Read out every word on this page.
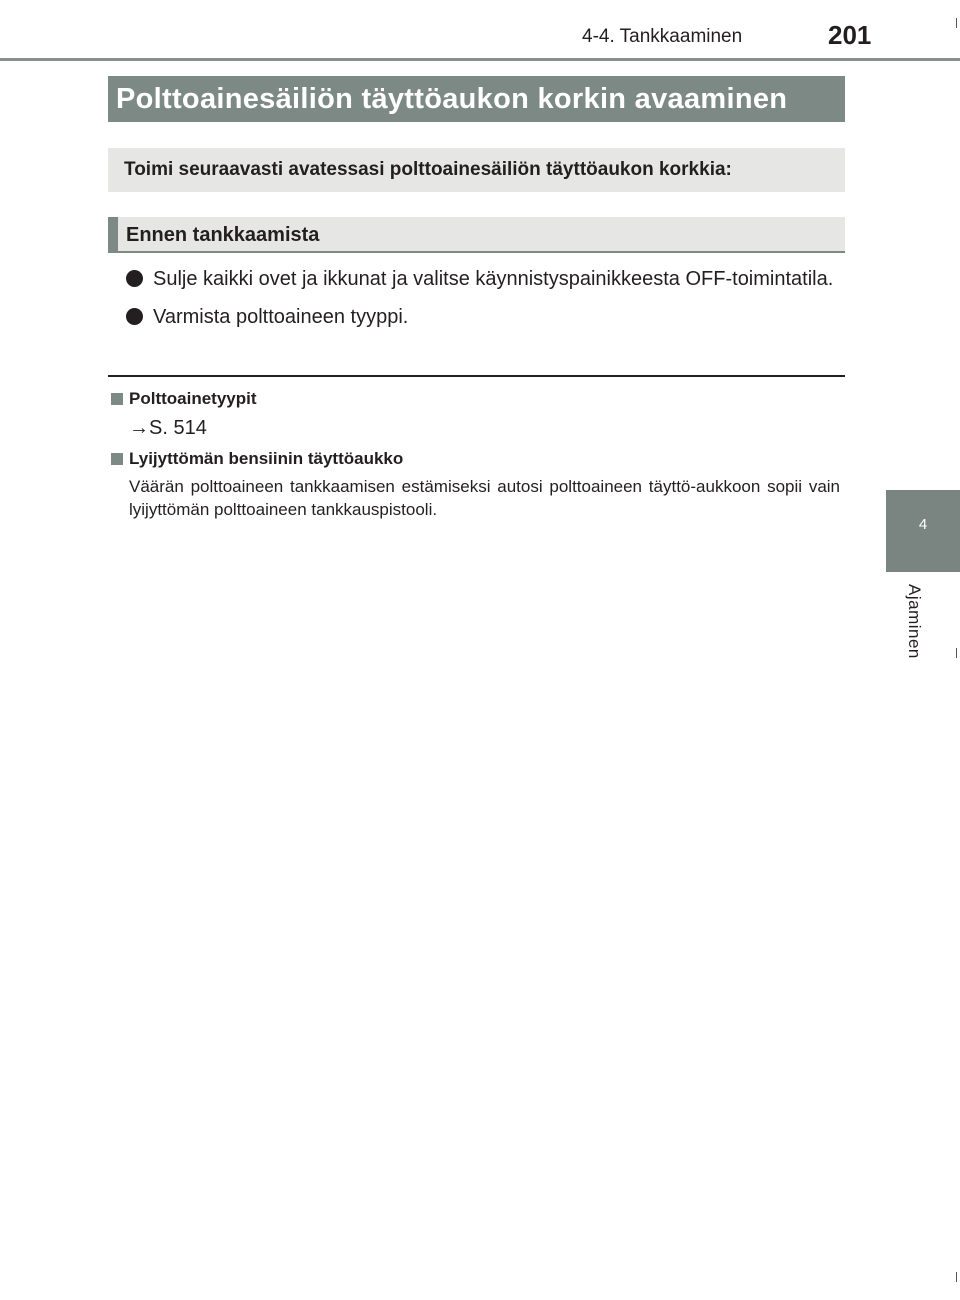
4-4. Tankkaaminen	201
4
Ajaminen
Polttoainesäiliön täyttöaukon korkin avaaminen
Toimi seuraavasti avatessasi polttoainesäiliön täyttöaukon korkkia:
Ennen tankkaamista
Sulje kaikki ovet ja ikkunat ja valitse käynnistyspainikkeesta OFF-toimintatila.
Varmista polttoaineen tyyppi.
Polttoainetyypit
→S. 514
Lyijyttömän bensiinin täyttöaukko
Väärän polttoaineen tankkaamisen estämiseksi autosi polttoaineen täyttö-aukkoon sopii vain lyijyttömän polttoaineen tankkauspistooli.
